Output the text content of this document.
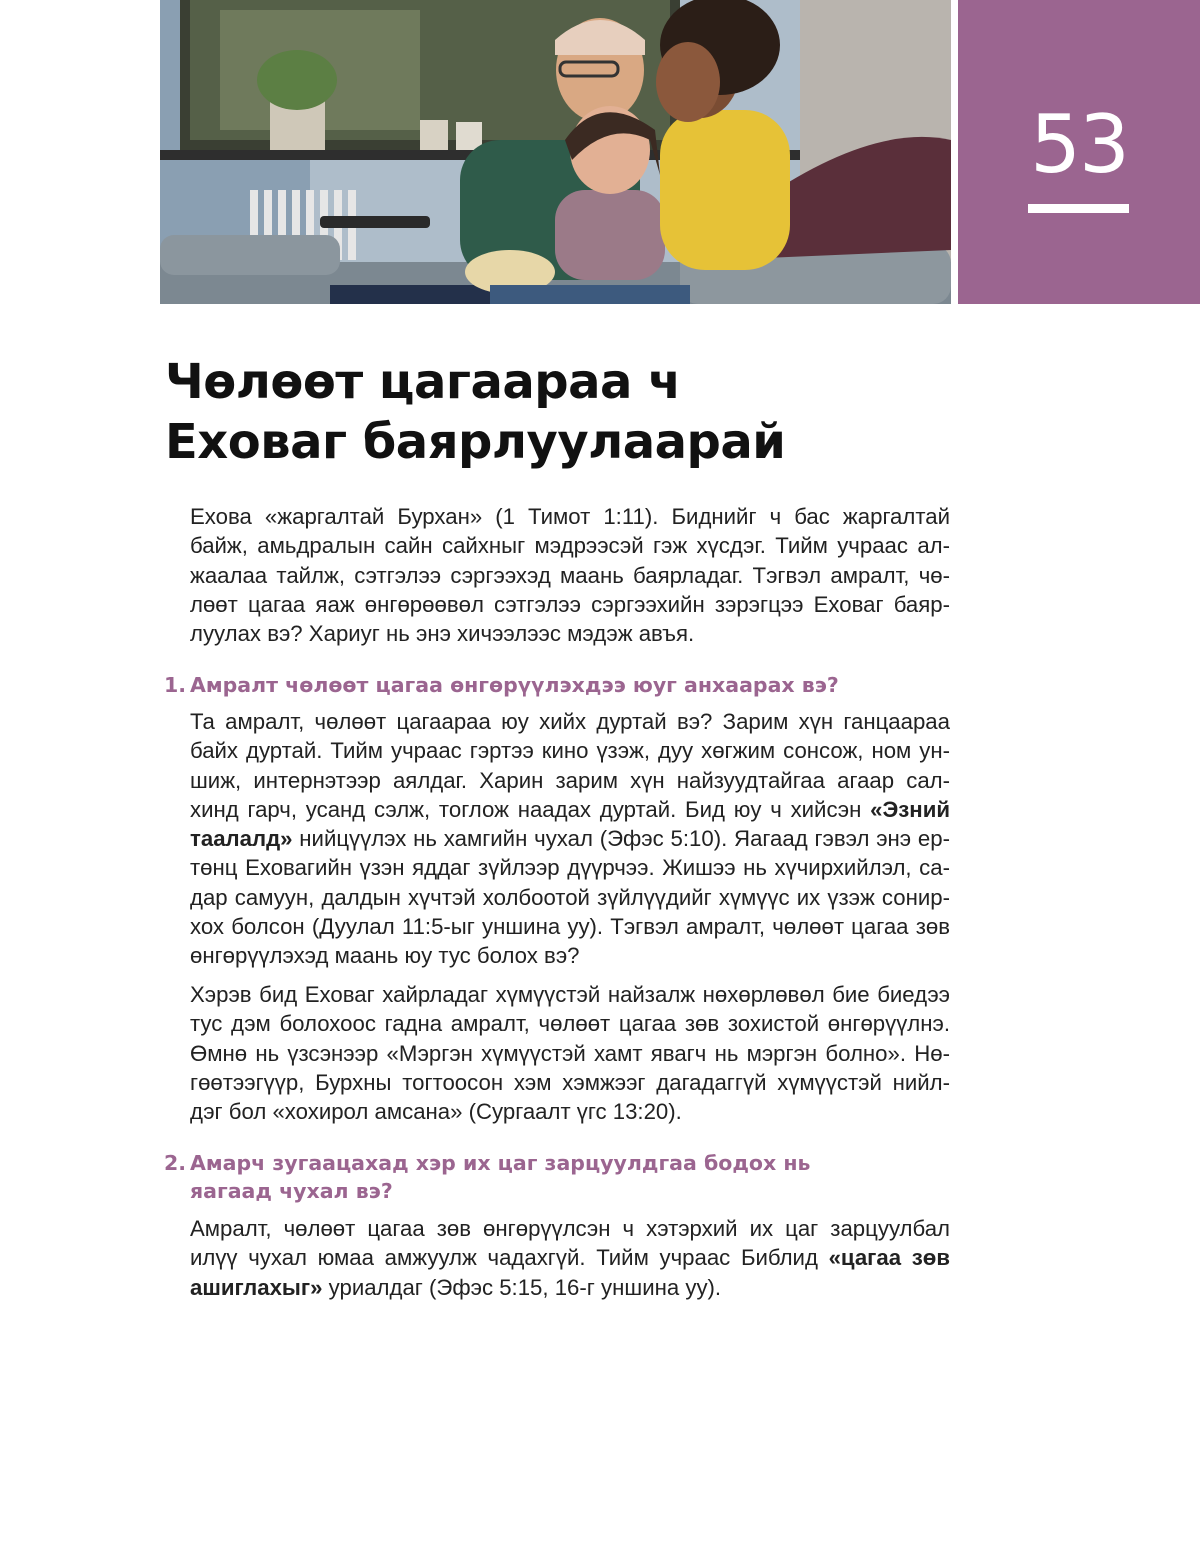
53
Чөлөөт цагаараа ч
Еховаг баярлуулаарай

Ехова «жаргалтай Бурхан» (1 Тимот 1:11). Биднийг ч бас жаргалтай байж, амьдралын сайн сайхныг мэдрээсэй гэж хүсдэг. Тийм учраас ал-жаалаа тайлж, сэтгэлээ сэргээхэд маань баярладаг. Тэгвэл амралт, чө-лөөт цагаа яаж өнгөрөөвөл сэтгэлээ сэргээхийн зэрэгцээ Еховаг баяр-луулах вэ? Хариуг нь энэ хичээлээс мэдэж авъя.

1. Амралт чөлөөт цагаа өнгөрүүлэхдээ юуг анхаарах вэ?

Та амралт, чөлөөт цагаараа юу хийх дуртай вэ? Зарим хүн ганцаараа байх дуртай. Тийм учраас гэртээ кино үзэж, дуу хөгжим сонсож, ном ун-шиж, интернэтээр аялдаг. Харин зарим хүн найзуудтайгаа агаар сал-хинд гарч, усанд сэлж, тоглож наадах дуртай. Бид юу ч хийсэн «Эзний таалалд» нийцүүлэх нь хамгийн чухал (Эфэс 5:10). Яагаад гэвэл энэ ер-төнц Еховагийн үзэн яддаг зүйлээр дүүрчээ. Жишээ нь хүчирхийлэл, са-дар самуун, далдын хүчтэй холбоотой зүйлүүдийг хүмүүс их үзэж сонир-хох болсон (Дуулал 11:5-ыг уншина уу). Тэгвэл амралт, чөлөөт цагаа зөв өнгөрүүлэхэд маань юу тус болох вэ?

Хэрэв бид Еховаг хайрладаг хүмүүстэй найзалж нөхөрлөвөл бие биедээ тус дэм болохоос гадна амралт, чөлөөт цагаа зөв зохистой өнгөрүүлнэ. Өмнө нь үзсэнээр «Мэргэн хүмүүстэй хамт явагч нь мэргэн болно». Нө-гөөтээгүүр, Бурхны тогтоосон хэм хэмжээг дагадаггүй хүмүүстэй нийл-дэг бол «хохирол амсана» (Сургаалт үгс 13:20).

2. Амарч зугаацахад хэр их цаг зарцуулдгаа бодох нь
яагаад чухал вэ?

Амралт, чөлөөт цагаа зөв өнгөрүүлсэн ч хэтэрхий их цаг зарцуулбал илүү чухал юмаа амжуулж чадахгүй. Тийм учраас Библид «цагаа зөв ашиглахыг» уриалдаг (Эфэс 5:15, 16-г уншина уу).
